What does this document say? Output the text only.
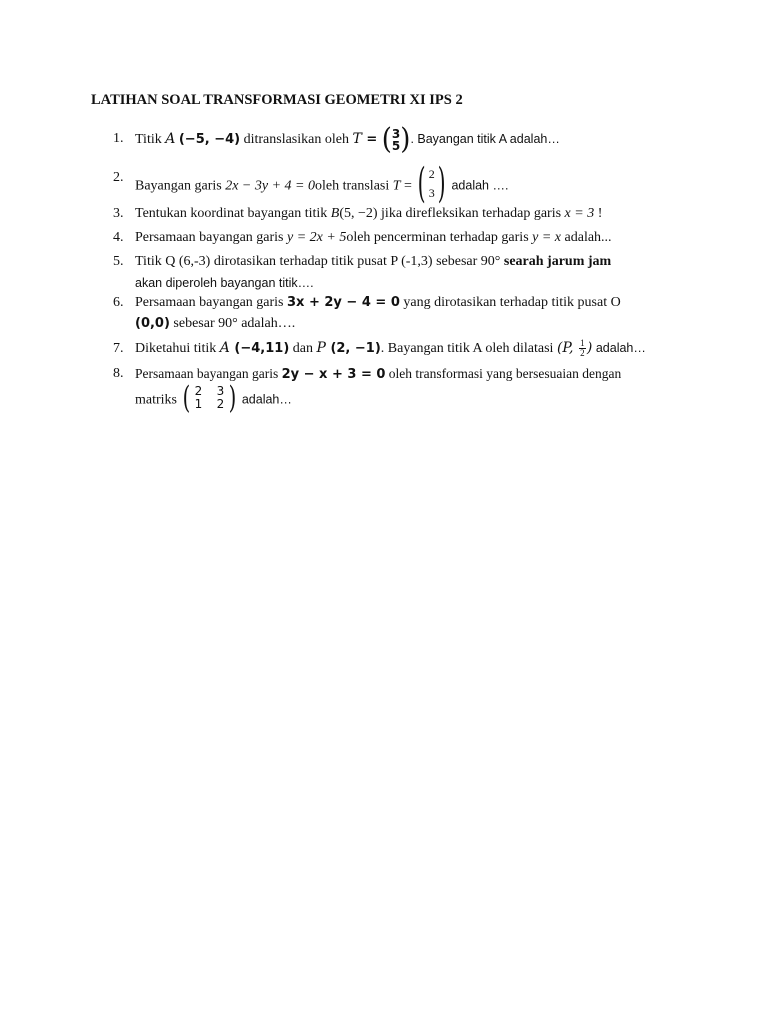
LATIHAN SOAL TRANSFORMASI GEOMETRI XI IPS 2
1. Titik A (−5, −4) ditranslasikan oleh T = ( 3
5 ) . Bayangan titik A adalah…
2.
Bayangan garis 2x − 3y + 4 = 0oleh translasi T = ( 2
3 ) adalah ….
3. Tentukan koordinat bayangan titik B(5, −2) jika direfleksikan terhadap garis x = 3 !
4. Persamaan bayangan garis y = 2x + 5oleh pencerminan terhadap garis y = x adalah...
5. Titik Q (6,-3) dirotasikan terhadap titik pusat P (-1,3) sebesar 90° searah jarum jam
akan diperoleh bayangan titik….
6. Persamaan bayangan garis 3x + 2y − 4 = 0 yang dirotasikan terhadap titik pusat O
(0,0) sebesar 90° adalah….
7. Diketahui titik A (−4,11) dan P (2, −1). Bayangan titik A oleh dilatasi (P, $\frac{1}{2}$ ) adalah…
8. Persamaan bayangan garis 2y − x + 3 = 0 oleh transformasi yang bersesuaian dengan
matriks ( 2 3
1 2 ) adalah…
